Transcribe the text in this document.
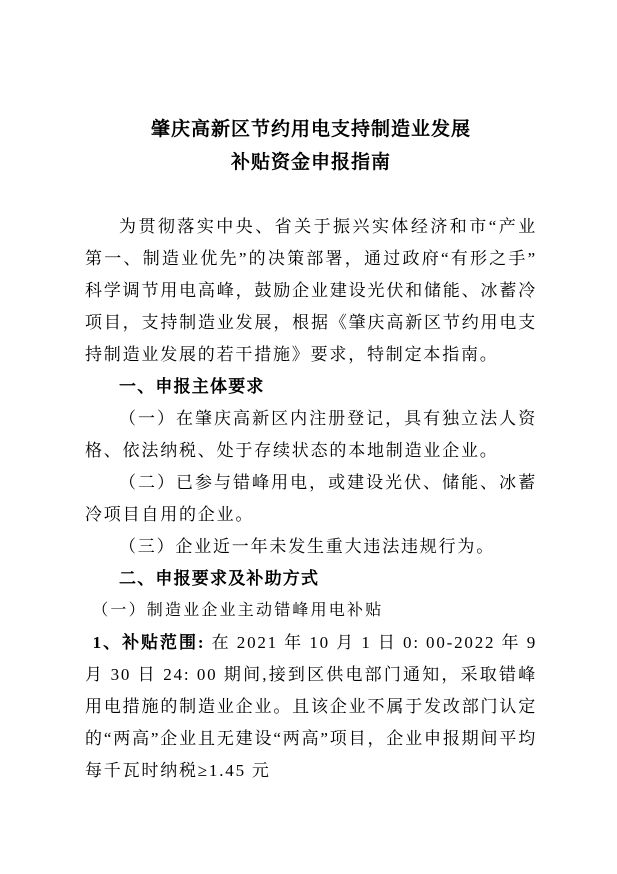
肇庆高新区节约用电支持制造业发展
补贴资金申报指南

为贯彻落实中央、省关于振兴实体经济和市“产业第一、制造业优先”的决策部署，通过政府“有形之手”科学调节用电高峰，鼓励企业建设光伏和储能、冰蓄冷项目，支持制造业发展，根据《肇庆高新区节约用电支持制造业发展的若干措施》要求，特制定本指南。

一、申报主体要求

（一）在肇庆高新区内注册登记，具有独立法人资格、依法纳税、处于存续状态的本地制造业企业。

（二）已参与错峰用电，或建设光伏、储能、冰蓄冷项目自用的企业。

（三）企业近一年未发生重大违法违规行为。

二、申报要求及补助方式

（一）制造业企业主动错峰用电补贴

1、补贴范围: 在 2021 年 10 月 1 日 0: 00-2022 年 9 月 30 日 24: 00 期间,接到区供电部门通知，采取错峰用电措施的制造业企业。且该企业不属于发改部门认定的“两高”企业且无建设“两高”项目，企业申报期间平均每千瓦时纳税≥1.45 元
